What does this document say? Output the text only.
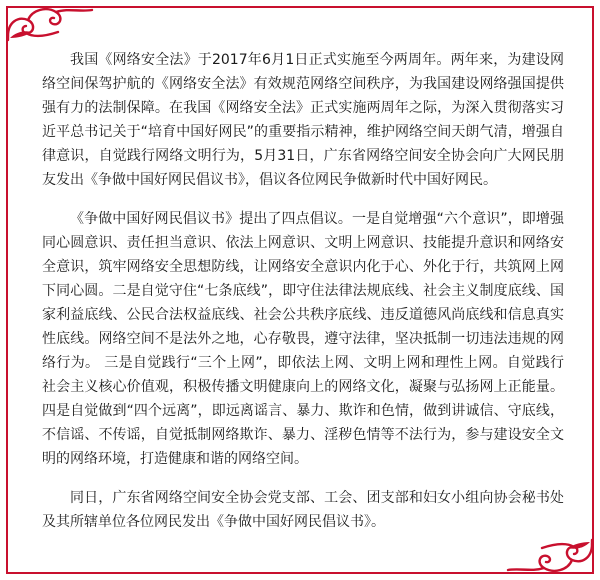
我国《网络安全法》于2017年6月1日正式实施至今两周年。两年来，为建设网络空间保驾护航的《网络安全法》有效规范网络空间秩序，为我国建设网络强国提供强有力的法制保障。在我国《网络安全法》正式实施两周年之际，为深入贯彻落实习近平总书记关于“培育中国好网民”的重要指示精神，维护网络空间天朗气清，增强自律意识，自觉践行网络文明行为，5月31日，广东省网络空间安全协会向广大网民朋友发出《争做中国好网民倡议书》，倡议各位网民争做新时代中国好网民。

《争做中国好网民倡议书》提出了四点倡议。一是自觉增强“六个意识”，即增强同心圆意识、责任担当意识、依法上网意识、文明上网意识、技能提升意识和网络安全意识，筑牢网络安全思想防线，让网络安全意识内化于心、外化于行，共筑网上网下同心圆。二是自觉守住“七条底线”，即守住法律法规底线、社会主义制度底线、国家利益底线、公民合法权益底线、社会公共秩序底线、违反道德风尚底线和信息真实性底线。网络空间不是法外之地，心存敬畏，遵守法律，坚决抵制一切违法违规的网络行为。 三是自觉践行“三个上网”，即依法上网、文明上网和理性上网。自觉践行社会主义核心价值观，积极传播文明健康向上的网络文化，凝聚与弘扬网上正能量。四是自觉做到“四个远离”，即远离谣言、暴力、欺诈和色情，做到讲诚信、守底线，不信谣、不传谣，自觉抵制网络欺诈、暴力、淫秽色情等不法行为，参与建设安全文明的网络环境，打造健康和谐的网络空间。

同日，广东省网络空间安全协会党支部、工会、团支部和妇女小组向协会秘书处及其所辖单位各位网民发出《争做中国好网民倡议书》。
